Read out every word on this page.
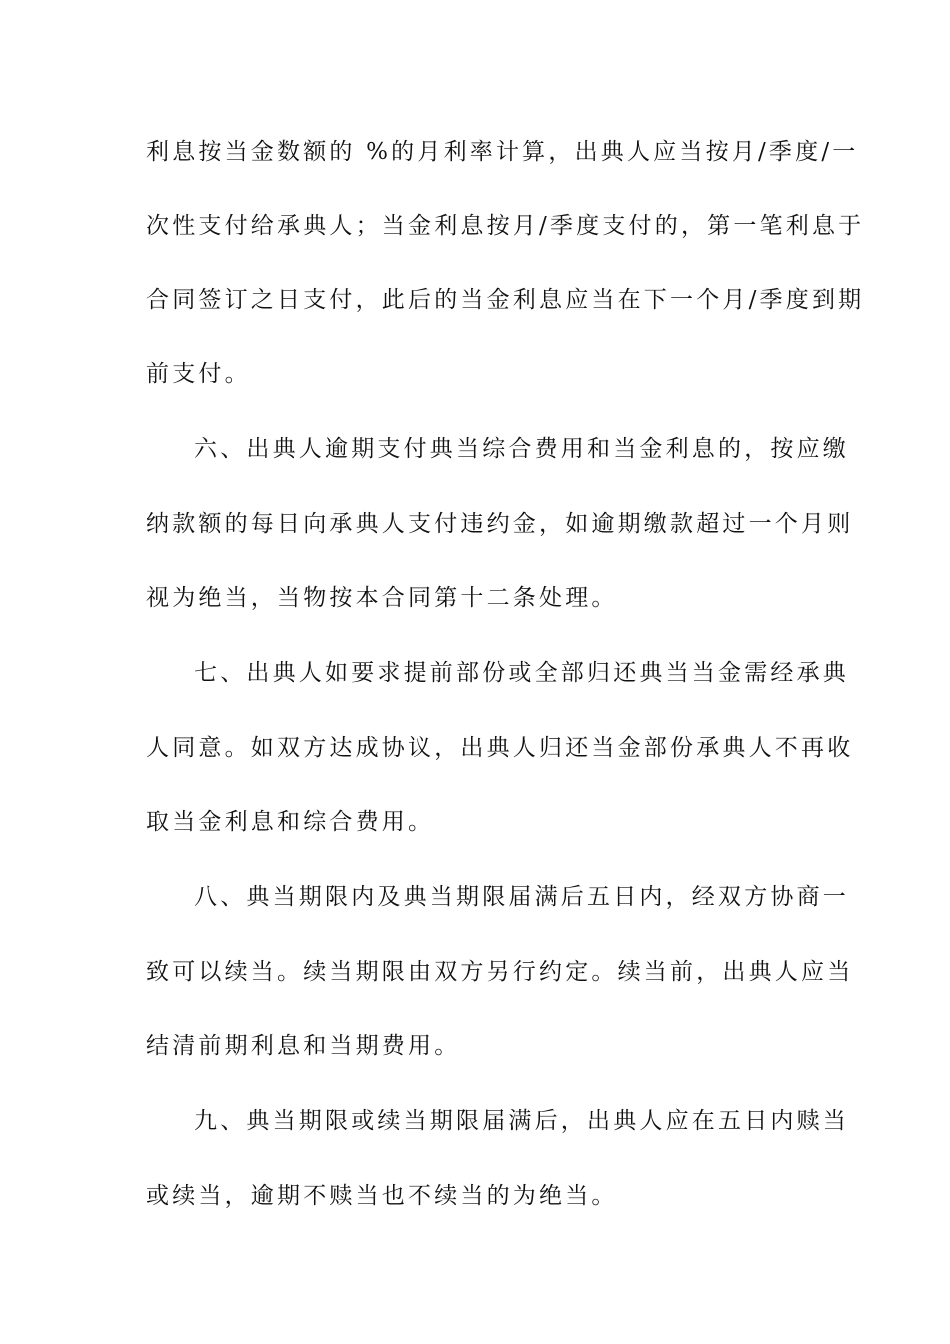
利息按当金数额的 %的月利率计算，出典人应当按月/季度/一
次性支付给承典人；当金利息按月/季度支付的，第一笔利息于
合同签订之日支付，此后的当金利息应当在下一个月/季度到期
前支付。
六、出典人逾期支付典当综合费用和当金利息的，按应缴
纳款额的每日向承典人支付违约金，如逾期缴款超过一个月则
视为绝当，当物按本合同第十二条处理。
七、出典人如要求提前部份或全部归还典当当金需经承典
人同意。如双方达成协议，出典人归还当金部份承典人不再收
取当金利息和综合费用。
八、典当期限内及典当期限届满后五日内，经双方协商一
致可以续当。续当期限由双方另行约定。续当前，出典人应当
结清前期利息和当期费用。
九、典当期限或续当期限届满后，出典人应在五日内赎当
或续当，逾期不赎当也不续当的为绝当。
